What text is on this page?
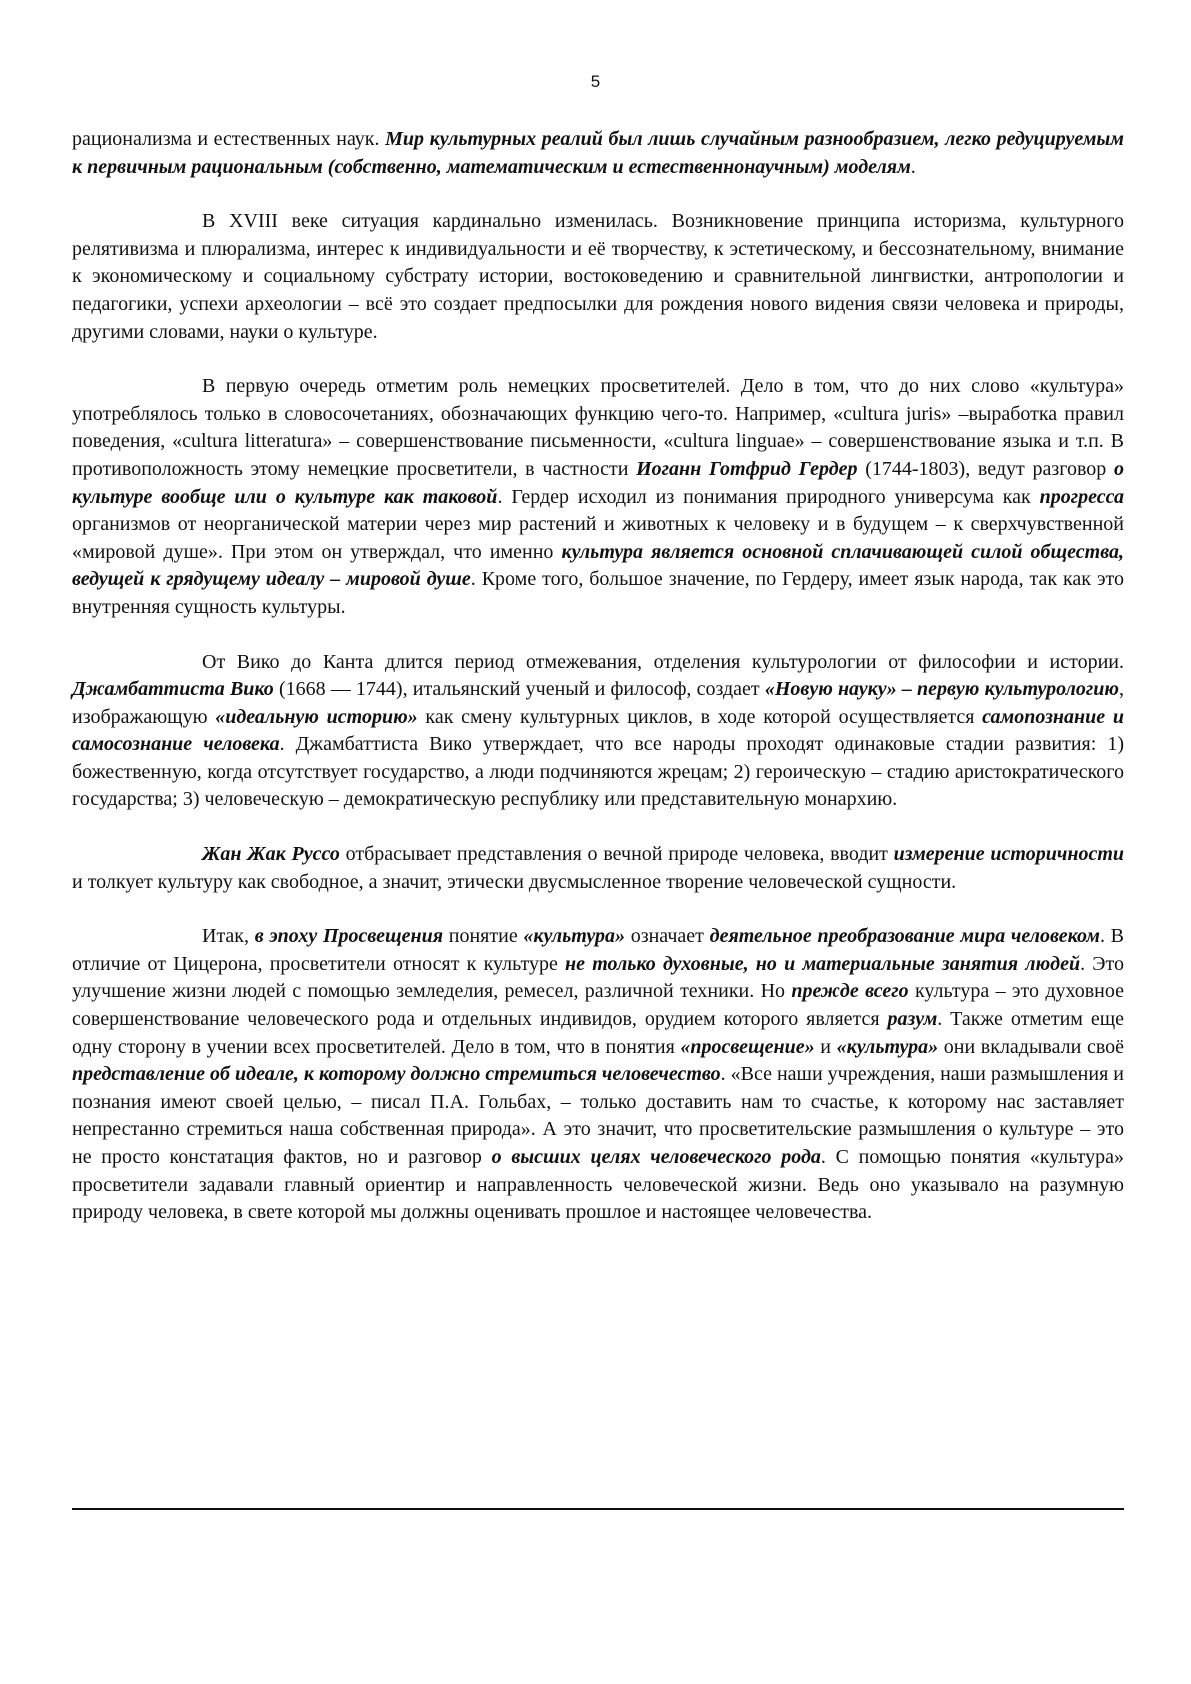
5

рационализма и естественных наук. Мир культурных реалий был лишь случайным разнообразием, легко редуцируемым к первичным рациональным (собственно, математическим и естественнонаучным) моделям.

В XVIII веке ситуация кардинально изменилась. Возникновение принципа историзма, культурного релятивизма и плюрализма, интерес к индивидуальности и её творчеству, к эстетическому, и бессознательному, внимание к экономическому и социальному субстрату истории, востоковедению и сравнительной лингвистки, антропологии и педагогики, успехи археологии – всё это создает предпосылки для рождения нового видения связи человека и природы, другими словами, науки о культуре.

В первую очередь отметим роль немецких просветителей. Дело в том, что до них слово «культура» употреблялось только в словосочетаниях, обозначающих функцию чего-то. Например, «cultura juris» –выработка правил поведения, «cultura litteratura» – совершенствование письменности, «cultura linguae» – совершенствование языка и т.п. В противоположность этому немецкие просветители, в частности Иоганн Готфрид Гердер (1744-1803), ведут разговор о культуре вообще или о культуре как таковой. Гердер исходил из понимания природного универсума как прогресса организмов от неорганической материи через мир растений и животных к человеку и в будущем – к сверхчувственной «мировой душе». При этом он утверждал, что именно культура является основной сплачивающей силой общества, ведущей к грядущему идеалу – мировой душе. Кроме того, большое значение, по Гердеру, имеет язык народа, так как это внутренняя сущность культуры.

От Вико до Канта длится период отмежевания, отделения культурологии от философии и истории. Джамбаттиста Вико (1668 — 1744), итальянский ученый и философ, создает «Новую науку» – первую культурологию, изображающую «идеальную историю» как смену культурных циклов, в ходе которой осуществляется самопознание и самосознание человека. Джамбаттиста Вико утверждает, что все народы проходят одинаковые стадии развития: 1) божественную, когда отсутствует государство, а люди подчиняются жрецам; 2) героическую – стадию аристократического государства; 3) человеческую – демократическую республику или представительную монархию.

Жан Жак Руссо отбрасывает представления о вечной природе человека, вводит измерение историчности и толкует культуру как свободное, а значит, этически двусмысленное творение человеческой сущности.

Итак, в эпоху Просвещения понятие «культура» означает деятельное преобразование мира человеком. В отличие от Цицерона, просветители относят к культуре не только духовные, но и материальные занятия людей. Это улучшение жизни людей с помощью земледелия, ремесел, различной техники. Но прежде всего культура – это духовное совершенствование человеческого рода и отдельных индивидов, орудием которого является разум. Также отметим еще одну сторону в учении всех просветителей. Дело в том, что в понятия «просвещение» и «культура» они вкладывали своё представление об идеале, к которому должно стремиться человечество. «Все наши учреждения, наши размышления и познания имеют своей целью, – писал П.А. Гольбах, – только доставить нам то счастье, к которому нас заставляет непрестанно стремиться наша собственная природа». А это значит, что просветительские размышления о культуре – это не просто констатация фактов, но и разговор о высших целях человеческого рода. С помощью понятия «культура» просветители задавали главный ориентир и направленность человеческой жизни. Ведь оно указывало на разумную природу человека, в свете которой мы должны оценивать прошлое и настоящее человечества.
